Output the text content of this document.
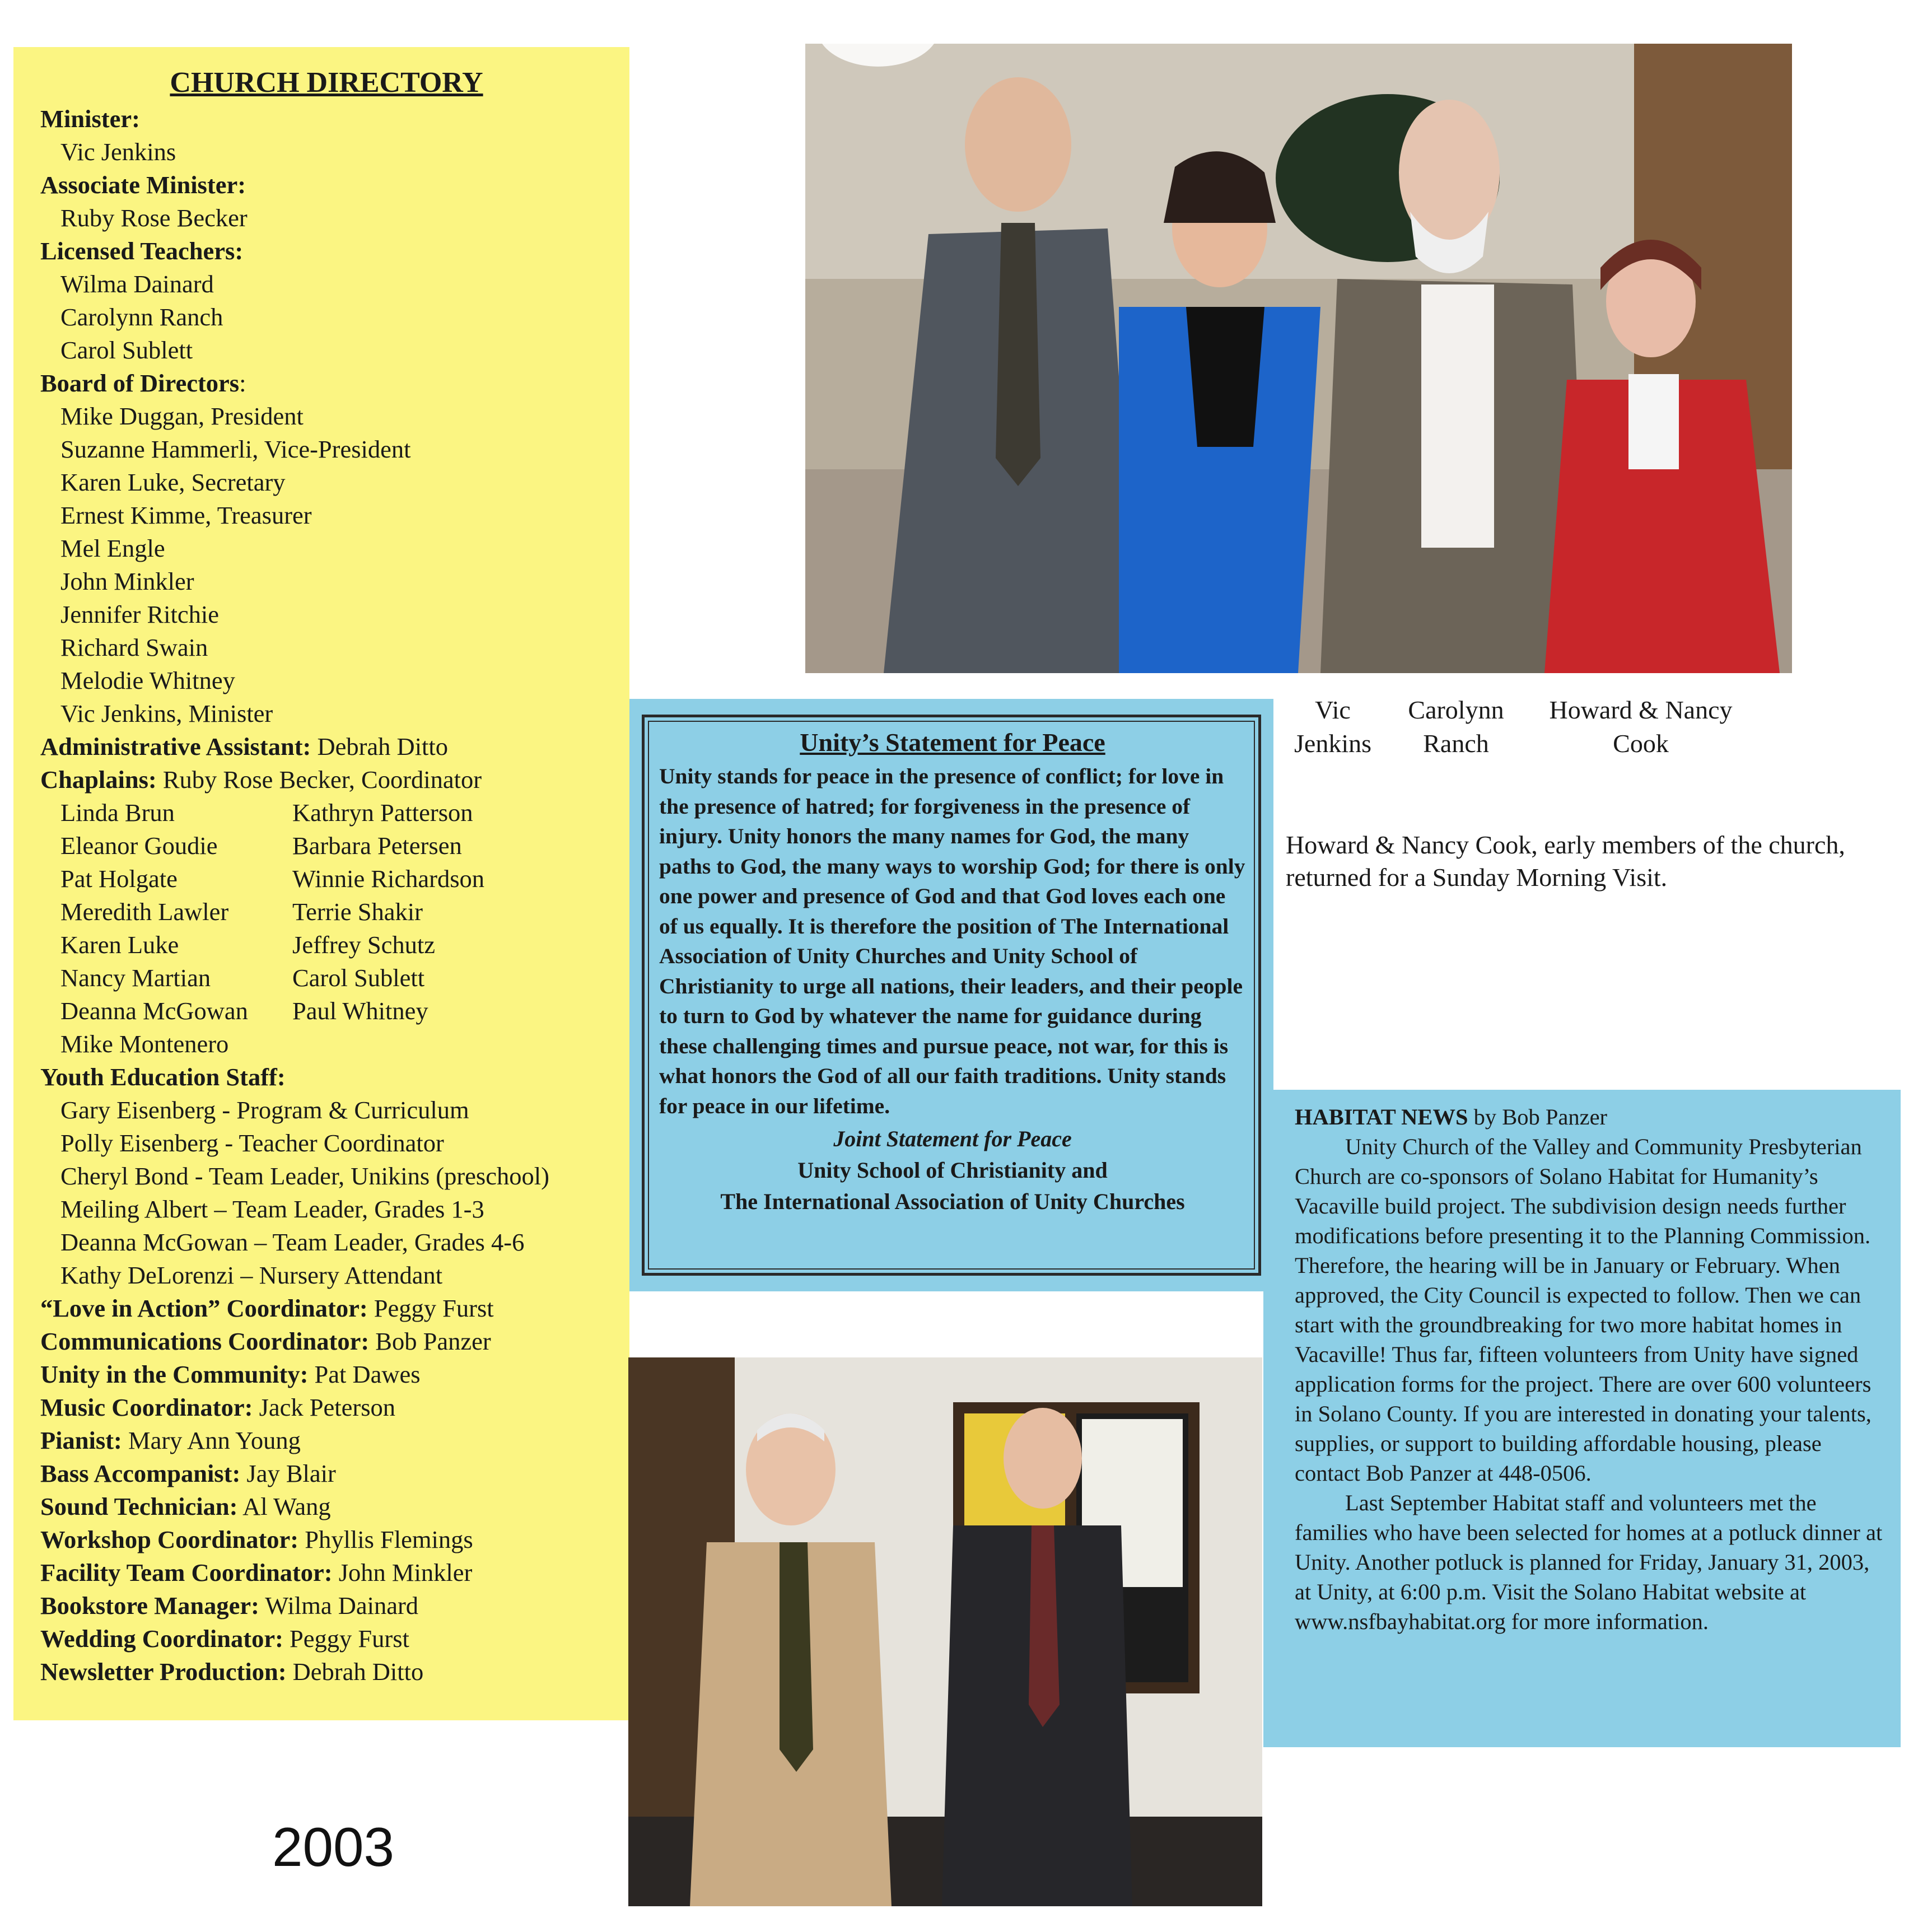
CHURCH DIRECTORY
Minister:
Vic Jenkins
Associate Minister:
Ruby Rose Becker
Licensed Teachers:
Wilma Dainard
Carolynn Ranch
Carol Sublett
Board of Directors:
Mike Duggan, President
Suzanne Hammerli, Vice-President
Karen Luke, Secretary
Ernest Kimme, Treasurer
Mel Engle
John Minkler
Jennifer Ritchie
Richard Swain
Melodie Whitney
Vic Jenkins, Minister
Administrative Assistant: Debrah Ditto
Chaplains: Ruby Rose Becker, Coordinator
Linda Brun	Kathryn Patterson
Eleanor Goudie	Barbara Petersen
Pat Holgate	Winnie Richardson
Meredith Lawler	Terrie Shakir
Karen Luke	Jeffrey Schutz
Nancy Martian	Carol Sublett
Deanna McGowan	Paul Whitney
Mike Montenero
Youth Education Staff:
Gary Eisenberg - Program & Curriculum
Polly Eisenberg - Teacher Coordinator
Cheryl Bond - Team Leader, Unikins (preschool)
Meiling Albert – Team Leader, Grades 1-3
Deanna McGowan – Team Leader, Grades 4-6
Kathy DeLorenzi – Nursery Attendant
“Love in Action” Coordinator: Peggy Furst
Communications Coordinator: Bob Panzer
Unity in the Community: Pat Dawes
Music Coordinator: Jack Peterson
Pianist: Mary Ann Young
Bass Accompanist: Jay Blair
Sound Technician: Al Wang
Workshop Coordinator: Phyllis Flemings
Facility Team Coordinator: John Minkler
Bookstore Manager: Wilma Dainard
Wedding Coordinator: Peggy Furst
Newsletter Production: Debrah Ditto
Vic
Jenkins
Carolynn
Ranch
Howard & Nancy
Cook
Howard & Nancy Cook, early members of the church, returned for a Sunday Morning Visit.
Unity’s Statement for Peace
Unity stands for peace in the presence of conflict; for love in the presence of hatred; for forgiveness in the presence of injury. Unity honors the many names for God, the many paths to God, the many ways to worship God; for there is only one power and presence of God and that God loves each one of us equally. It is therefore the position of The International Association of Unity Churches and Unity School of Christianity to urge all nations, their leaders, and their people to turn to God by whatever the name for guidance during these challenging times and pursue peace, not war, for this is what honors the God of all our faith traditions. Unity stands for peace in our lifetime.
Joint Statement for Peace
Unity School of Christianity and
The International Association of Unity Churches
HABITAT NEWS by Bob Panzer
Unity Church of the Valley and Community Presbyterian Church are co-sponsors of Solano Habitat for Humanity’s Vacaville build project. The subdivision design needs further modifications before presenting it to the Planning Commission. Therefore, the hearing will be in January or February. When approved, the City Council is expected to follow. Then we can start with the groundbreaking for two more habitat homes in Vacaville! Thus far, fifteen volunteers from Unity have signed application forms for the project. There are over 600 volunteers in Solano County. If you are interested in donating your talents, supplies, or support to building affordable housing, please contact Bob Panzer at 448-0506.
Last September Habitat staff and volunteers met the families who have been selected for homes at a potluck dinner at Unity. Another potluck is planned for Friday, January 31, 2003, at Unity, at 6:00 p.m. Visit the Solano Habitat website at www.nsfbayhabitat.org for more information.
2003
